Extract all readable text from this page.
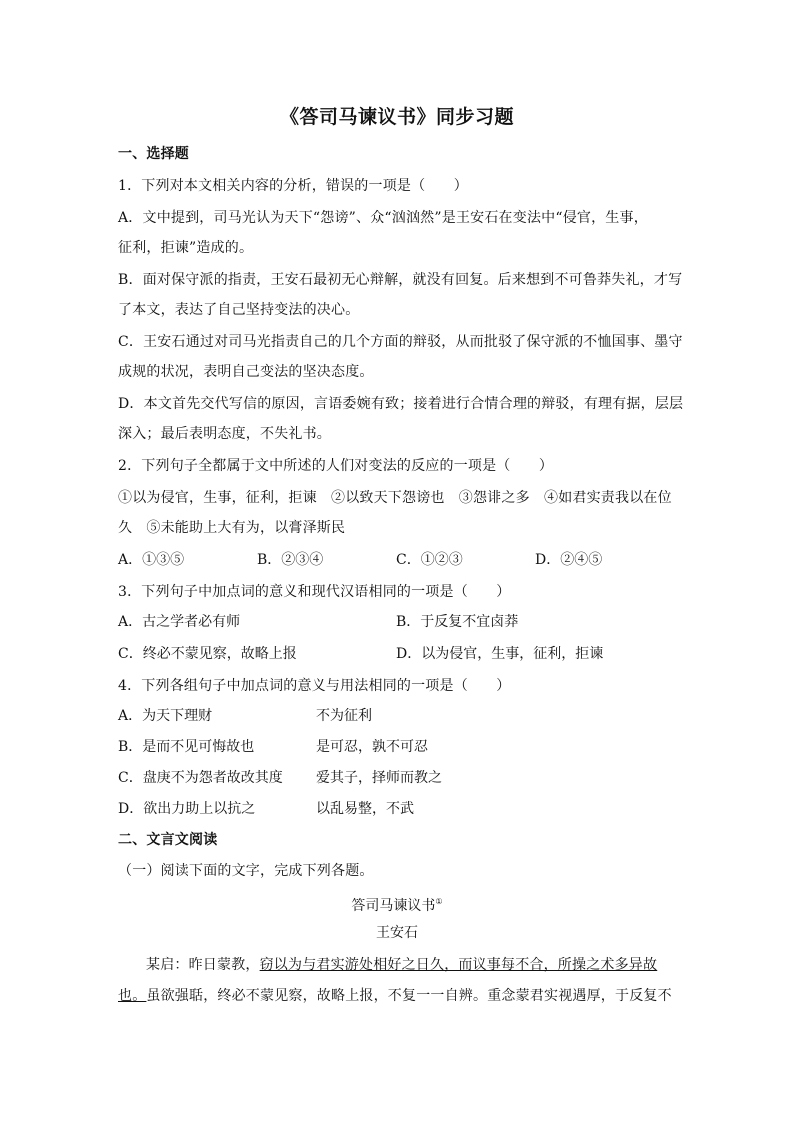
《答司马谏议书》同步习题
一、选择题
1．下列对本文相关内容的分析，错误的一项是（　　）
A．文中提到，司马光认为天下“怨谤”、众“汹汹然”是王安石在变法中“侵官，生事，
征利，拒谏”造成的。
B．面对保守派的指责，王安石最初无心辩解，就没有回复。后来想到不可鲁莽失礼，才写
了本文，表达了自己坚持变法的决心。
C．王安石通过对司马光指责自己的几个方面的辩驳，从而批驳了保守派的不恤国事、墨守
成规的状况，表明自己变法的坚决态度。
D．本文首先交代写信的原因，言语委婉有致；接着进行合情合理的辩驳，有理有据，层层
深入；最后表明态度，不失礼书。
2．下列句子全都属于文中所述的人们对变法的反应的一项是（　　）
①以为侵官，生事，征利，拒谏　②以致天下怨谤也　③怨诽之多　④如君实责我以在位
久　⑤未能助上大有为，以膏泽斯民
A．①③⑤	B．②③④	C．①②③	D．②④⑤
3．下列句子中加点词的意义和现代汉语相同的一项是（　　）
A．古之学者必有师	B．于反复不宜卤莽
C．终必不蒙见察，故略上报	D．以为侵官，生事，征利，拒谏
4．下列各组句子中加点词的意义与用法相同的一项是（　　）
A．为天下理财	不为征利
B．是而不见可悔故也	是可忍，孰不可忍
C．盘庚不为怨者故改其度 爱其子，择师而教之
D．欲出力助上以抗之	以乱易整，不武
二、文言文阅读
（一）阅读下面的文字，完成下列各题。
答司马谏议书①
王安石
某启：昨日蒙教，窃以为与君实游处相好之日久，而议事每不合，所操之术多异故
也。虽欲强聒，终必不蒙见察，故略上报，不复一一自辨。重念蒙君实视遇厚，于反复不
